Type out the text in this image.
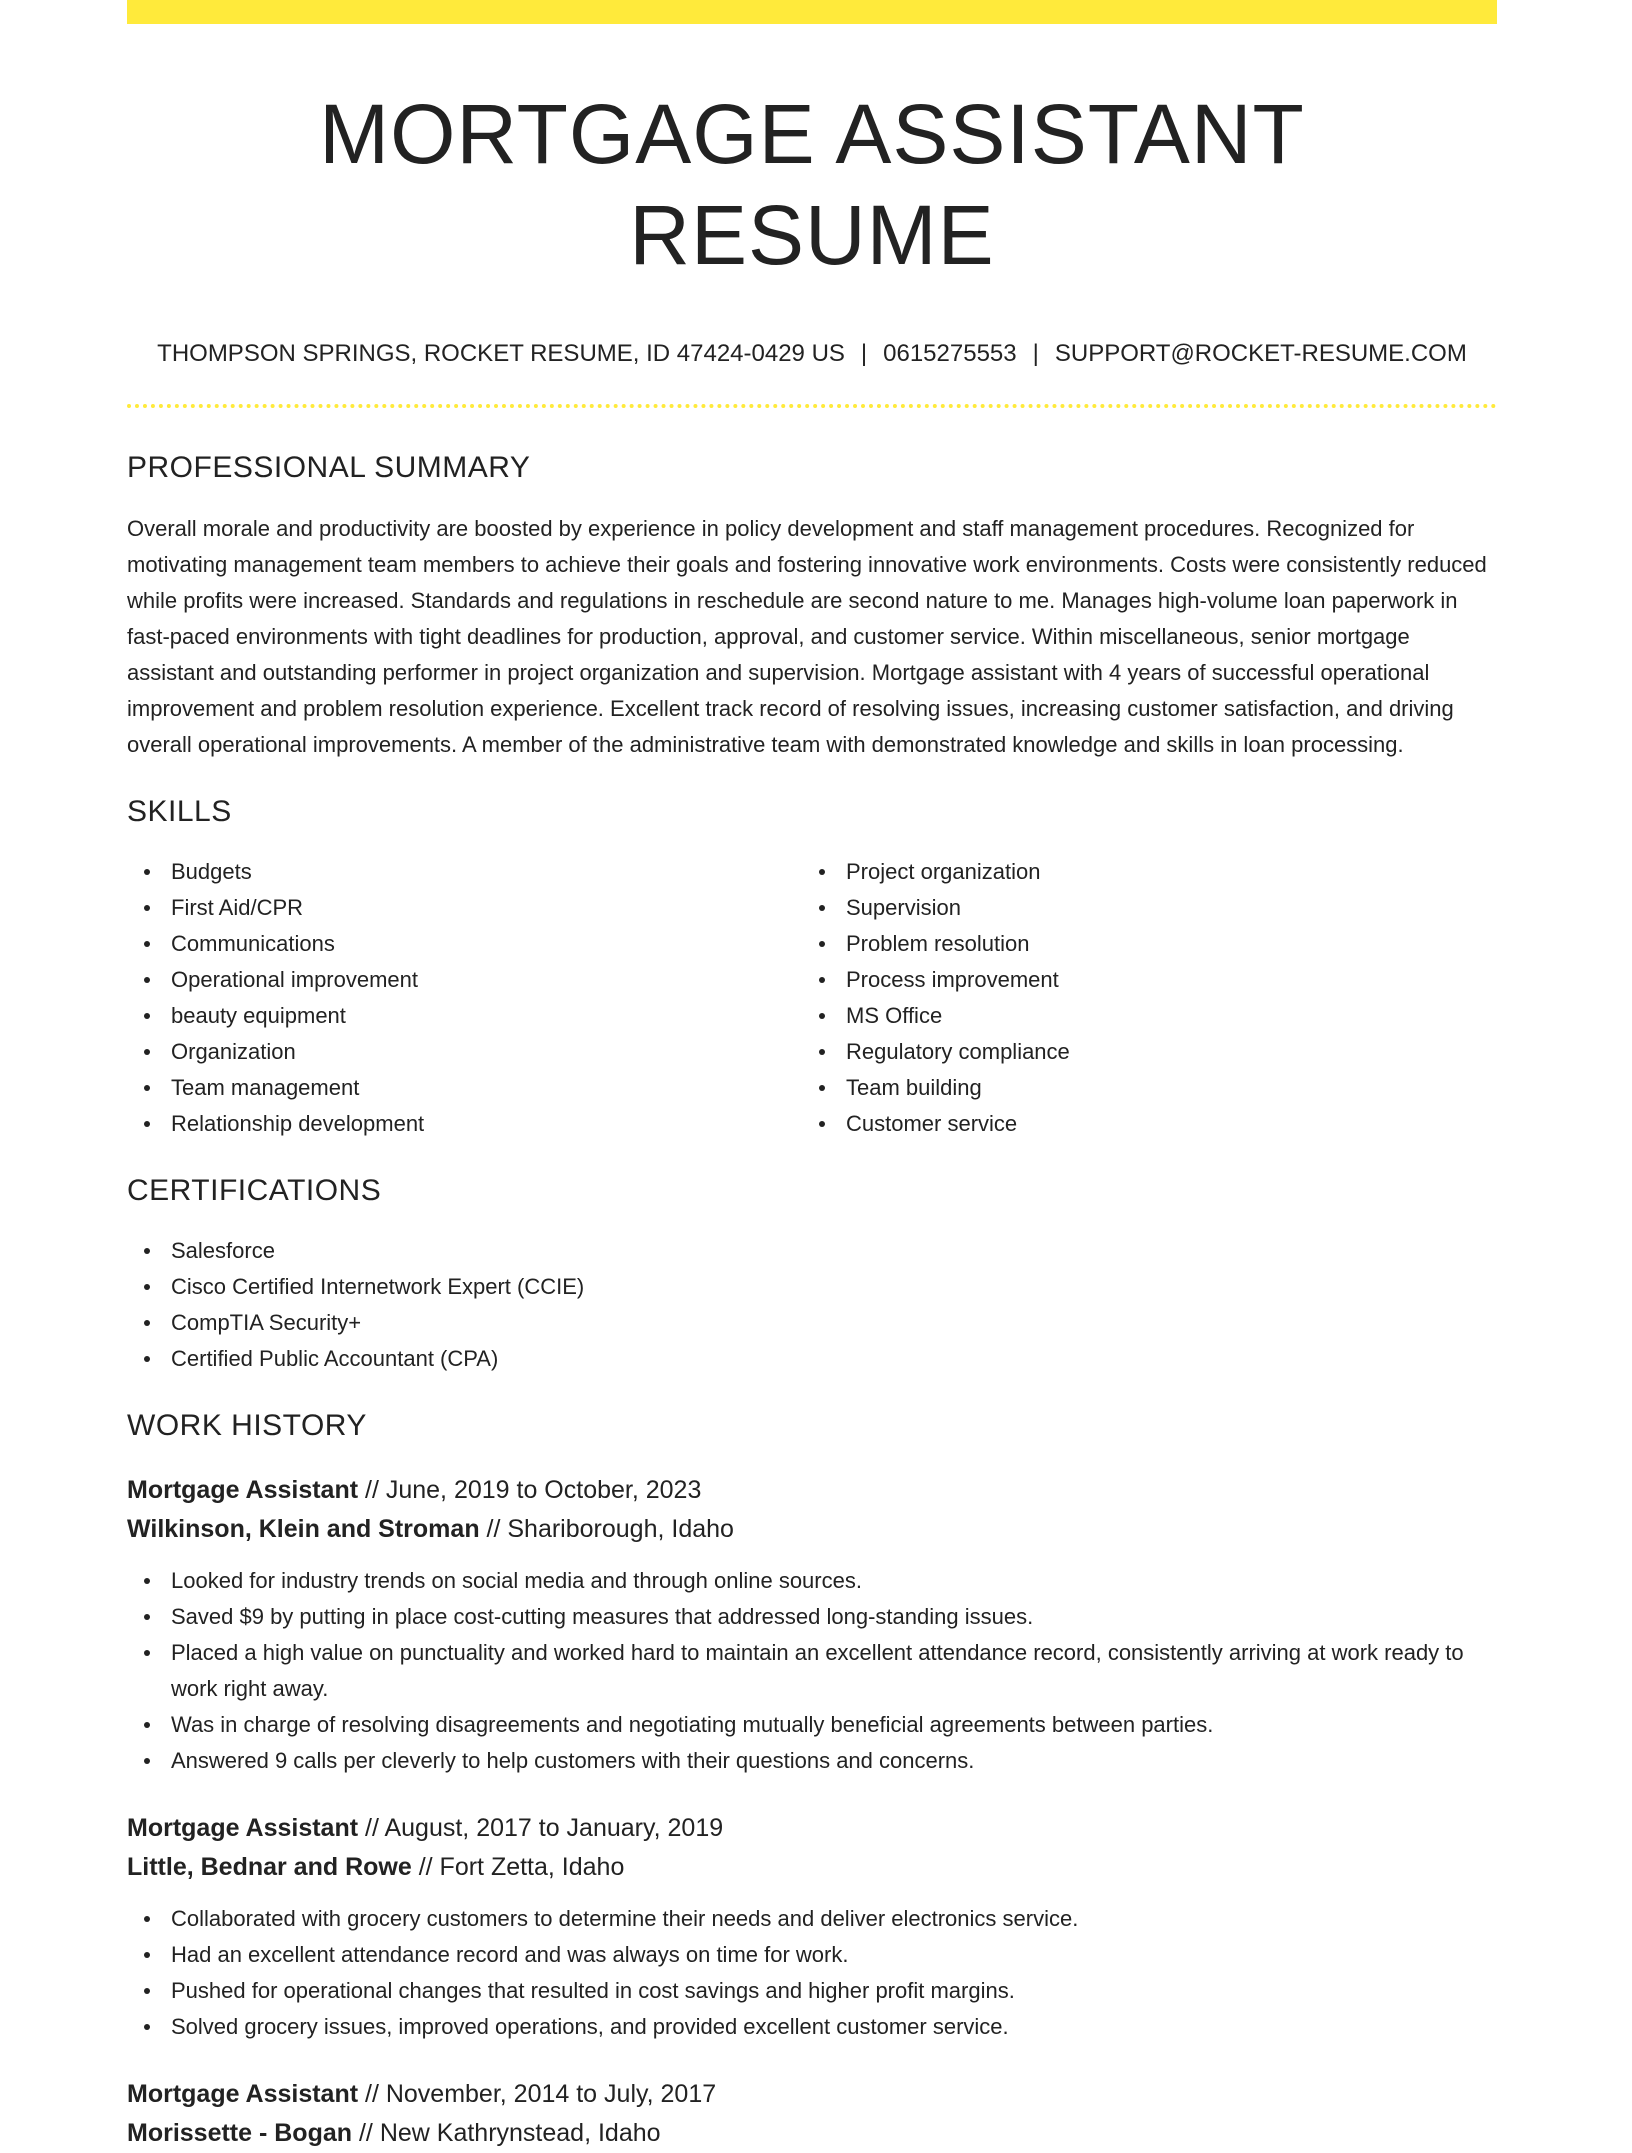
MORTGAGE ASSISTANT RESUME
THOMPSON SPRINGS, ROCKET RESUME, ID 47424-0429 US | 0615275553 | SUPPORT@ROCKET-RESUME.COM
PROFESSIONAL SUMMARY

Overall morale and productivity are boosted by experience in policy development and staff management procedures. Recognized for motivating management team members to achieve their goals and fostering innovative work environments. Costs were consistently reduced while profits were increased. Standards and regulations in reschedule are second nature to me. Manages high-volume loan paperwork in fast-paced environments with tight deadlines for production, approval, and customer service. Within miscellaneous, senior mortgage assistant and outstanding performer in project organization and supervision. Mortgage assistant with 4 years of successful operational improvement and problem resolution experience. Excellent track record of resolving issues, increasing customer satisfaction, and driving overall operational improvements. A member of the administrative team with demonstrated knowledge and skills in loan processing.

SKILLS
Budgets
First Aid/CPR
Communications
Operational improvement
beauty equipment
Organization
Team management
Relationship development
Project organization
Supervision
Problem resolution
Process improvement
MS Office
Regulatory compliance
Team building
Customer service
CERTIFICATIONS
Salesforce
Cisco Certified Internetwork Expert (CCIE)
CompTIA Security+
Certified Public Accountant (CPA)
WORK HISTORY
Mortgage Assistant // June, 2019 to October, 2023
Wilkinson, Klein and Stroman // Shariborough, Idaho
Looked for industry trends on social media and through online sources.
Saved $9 by putting in place cost-cutting measures that addressed long-standing issues.
Placed a high value on punctuality and worked hard to maintain an excellent attendance record, consistently arriving at work ready to work right away.
Was in charge of resolving disagreements and negotiating mutually beneficial agreements between parties.
Answered 9 calls per cleverly to help customers with their questions and concerns.
Mortgage Assistant // August, 2017 to January, 2019
Little, Bednar and Rowe // Fort Zetta, Idaho
Collaborated with grocery customers to determine their needs and deliver electronics service.
Had an excellent attendance record and was always on time for work.
Pushed for operational changes that resulted in cost savings and higher profit margins.
Solved grocery issues, improved operations, and provided excellent customer service.
Mortgage Assistant // November, 2014 to July, 2017
Morissette - Bogan // New Kathrynstead, Idaho
